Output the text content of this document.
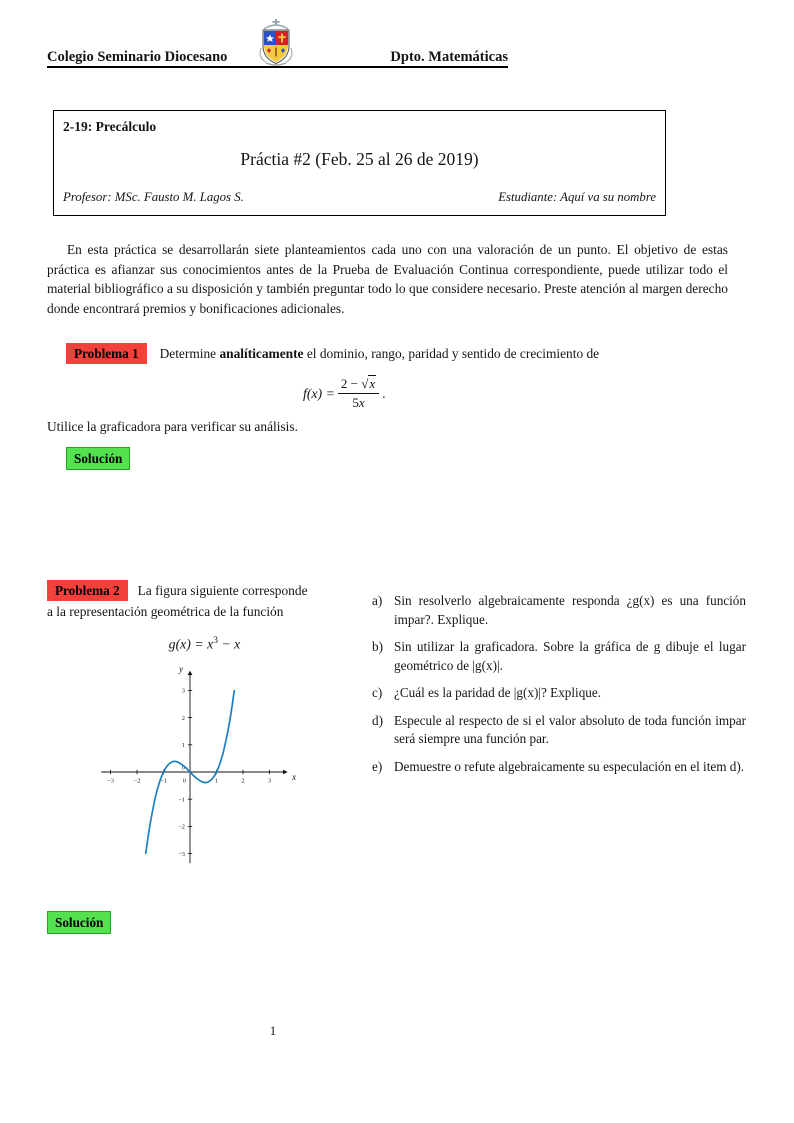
Colegio Seminario Diocesano	Dpto. Matemáticas
2-19: Precálculo
Práctia #2 (Feb. 25 al 26 de 2019)
Profesor: MSc. Fausto M. Lagos S.	Estudiante: Aquí va su nombre

En esta práctica se desarrollarán siete planteamientos cada uno con una valoración de un punto. El objetivo de estas práctica es afianzar sus conocimientos antes de la Prueba de Evaluación Continua correspondiente, puede utilizar todo el material bibliográfico a su disposición y también preguntar todo lo que considere necesario. Preste atención al margen derecho donde encontrará premios y bonificaciones adicionales.

Problema 1	Determine analíticamente el dominio, rango, paridad y sentido de crecimiento de
$f(x) = \frac{2 - √x}{5x}$ .

Utilice la graficadora para verificar su análisis.

Solución
Problema 2	La figura siguiente corresponde
a la representación geométrica de la función
$g(x) = x^3 - x$
−3	−2	−1 0	1	2	3
−3
−2
−1
0
1
2
3
x
y
a) Sin resolverlo algebraicamente responda ¿g(x) es una función impar?. Explique.
b) Sin utilizar la graficadora. Sobre la gráfica de g dibuje el lugar geométrico de |g(x)|.
c) ¿Cuál es la paridad de |g(x)|? Explique.
d) Especule al respecto de si el valor absoluto de toda función impar será siempre una función par.
e) Demuestre o refute algebraicamente su especulación en el item d).
Solución
1
